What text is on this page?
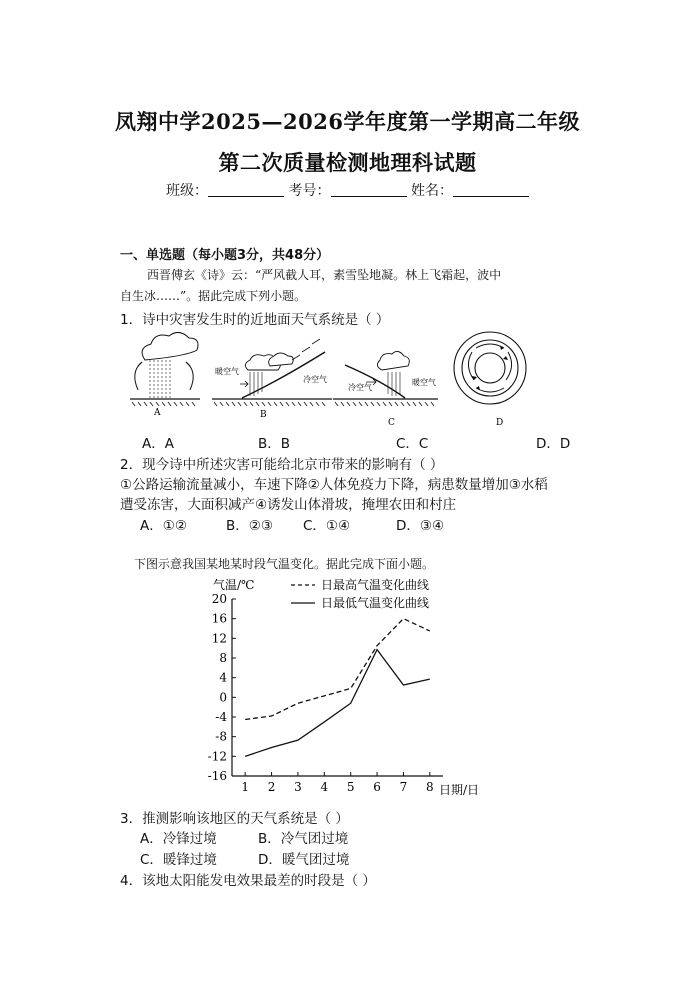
凤翔中学2025—2026学年度第一学期高二年级
第二次质量检测地理科试题
班级：	考号：	姓名：
一、单选题（每小题3分，共48分）
西晋傅玄《诗》云：“严风截人耳，素雪坠地凝。林上飞霜起，波中
自生冰……”。据此完成下列小题。
1．诗中灾害发生时的近地面天气系统是（ ）
暖空气
冷空气
冷空气
暖空气
A	B
C	D
A．A	B．B	C．C	D．D
2．现今诗中所述灾害可能给北京市带来的影响有（ ）
①公路运输流量减小，车速下降②人体免疫力下降，病患数量增加③水稻
遭受冻害，大面积减产④诱发山体滑坡，掩埋农田和村庄
A．①②	B．②③ C．①④	D．③④
下图示意我国某地某时段气温变化。据此完成下面小题。
气温/℃	日最高气温变化曲线
日最低气温变化曲线
20
16
12
8
4
0
-4
-8
-12
-16
1 2 3 4 5 6 7 8 日期/日
3．推测影响该地区的天气系统是（ ）
A．冷锋过境	B．冷气团过境
C．暖锋过境	D．暖气团过境
4．该地太阳能发电效果最差的时段是（ ）
